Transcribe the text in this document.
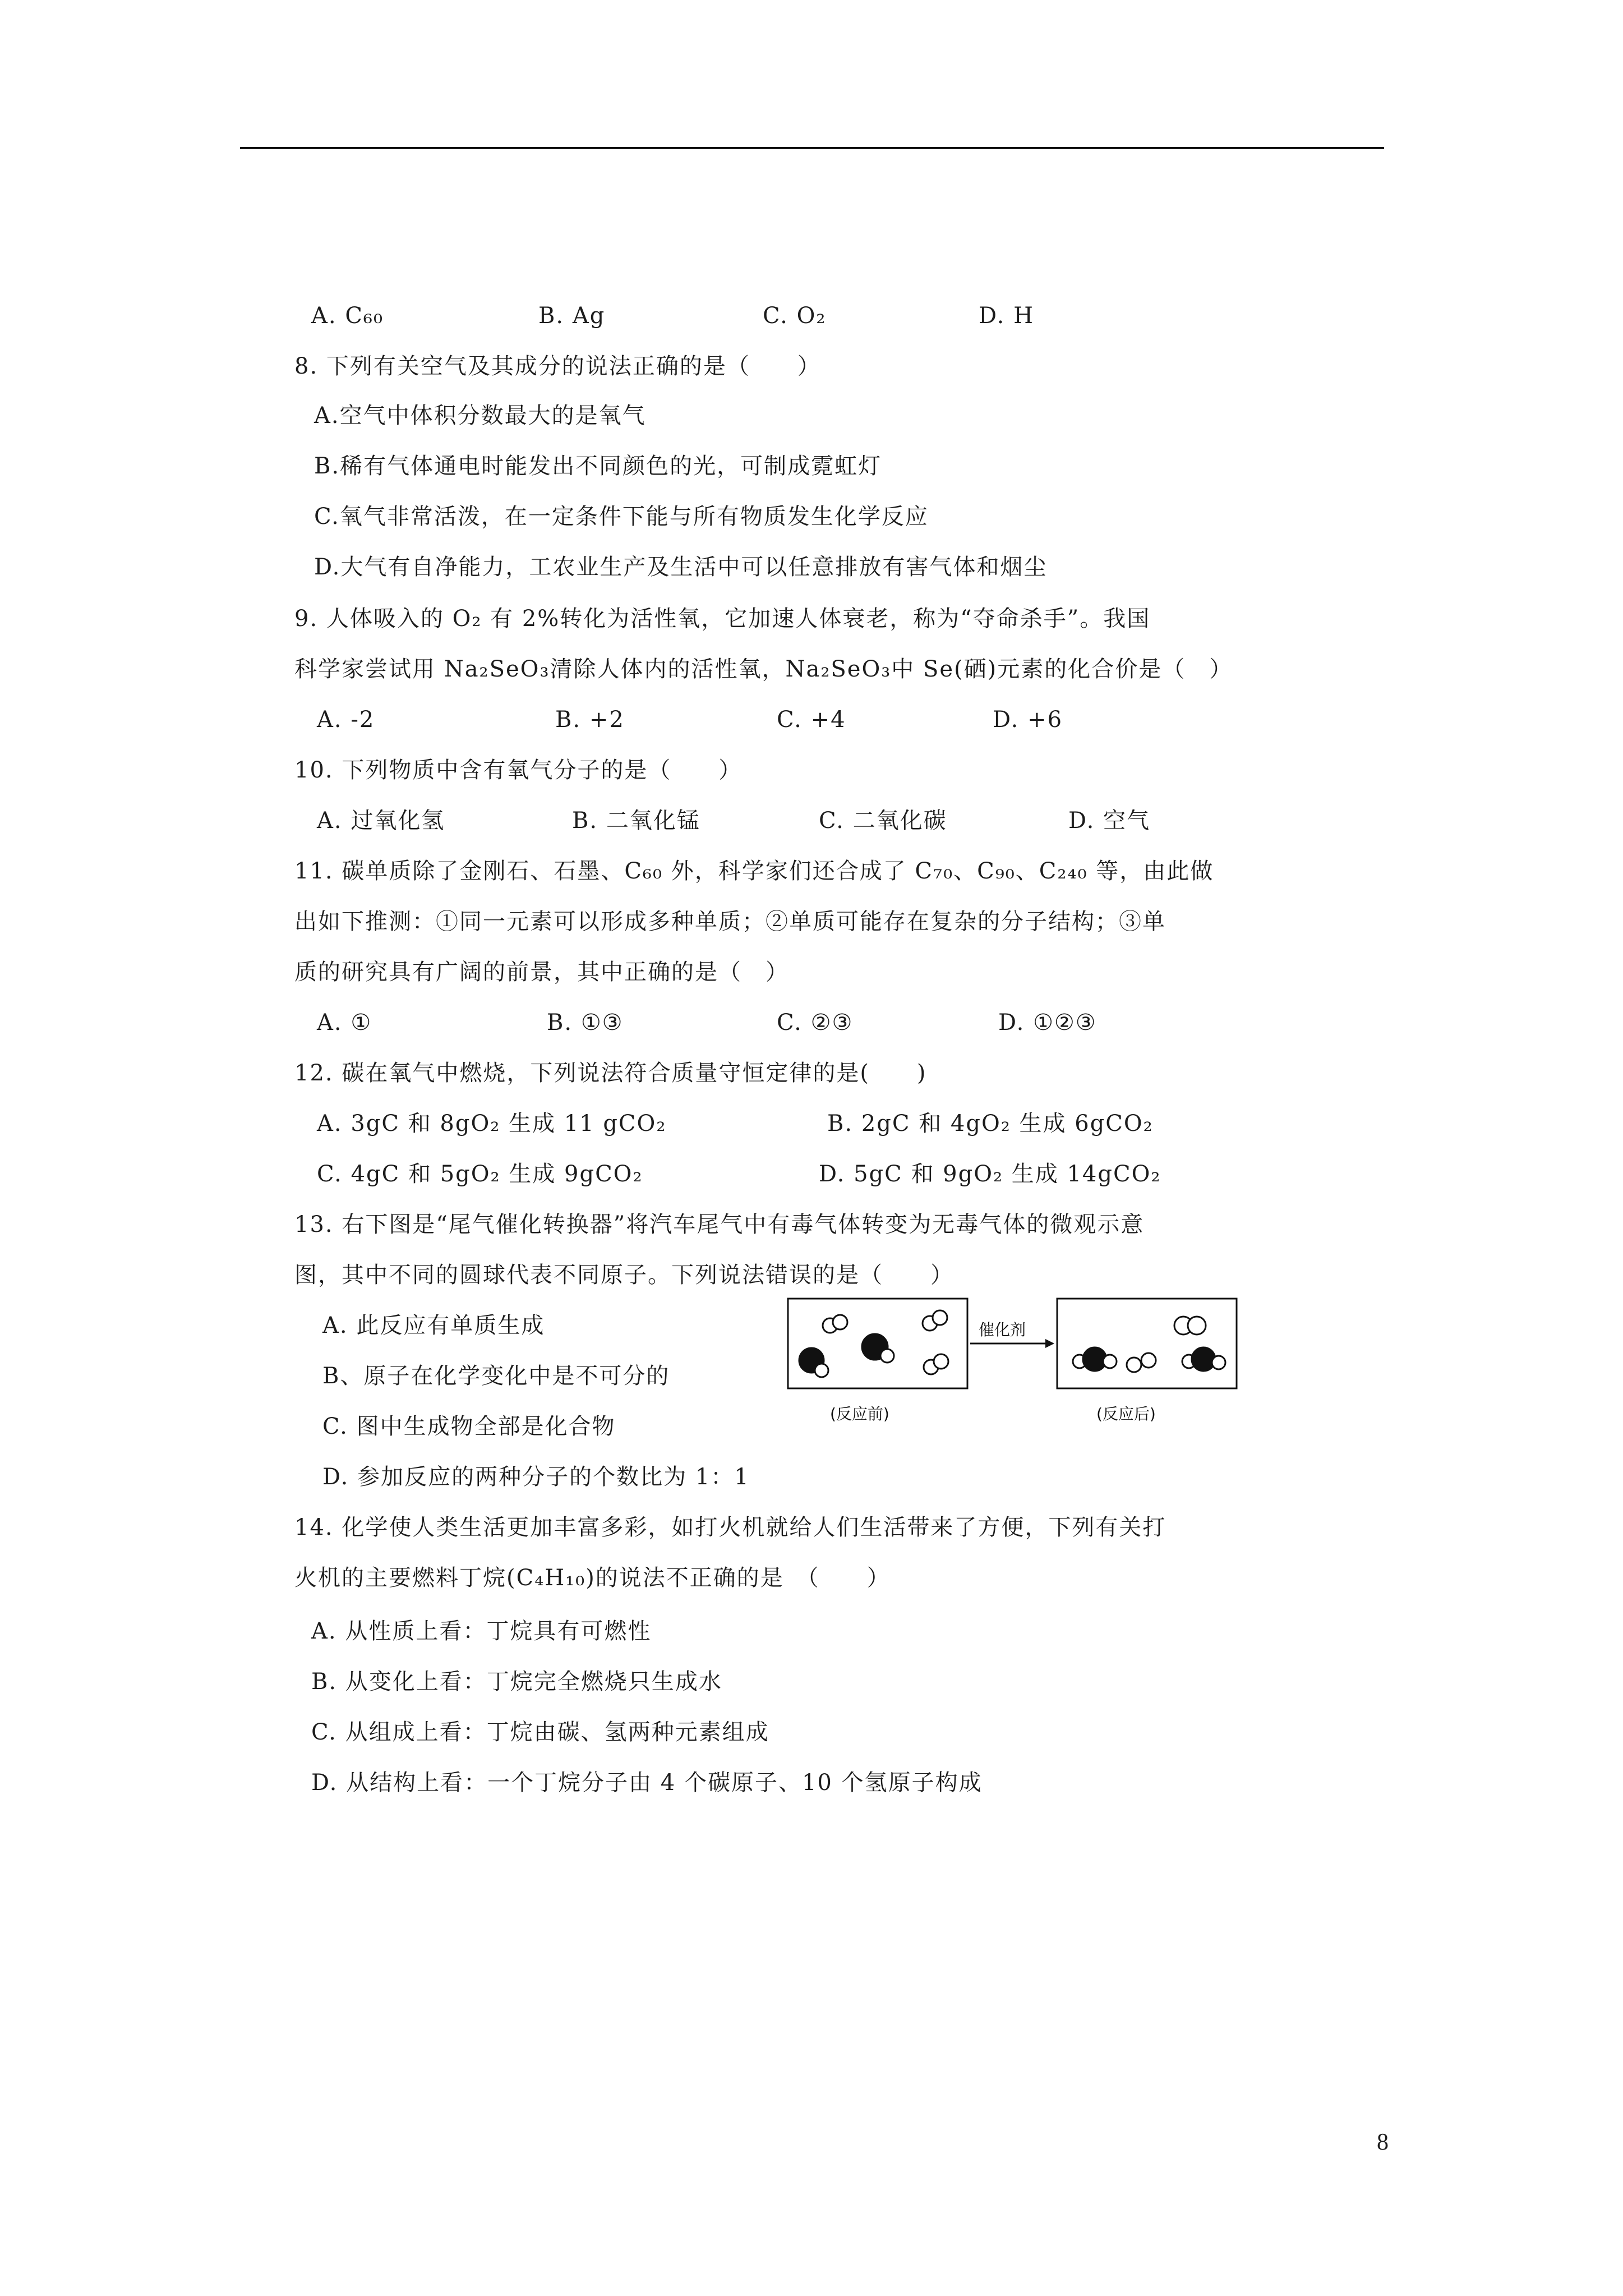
A. C₆₀	B. Ag	C. O₂	D. H
8. 下列有关空气及其成分的说法正确的是（　　）
A.空气中体积分数最大的是氧气
B.稀有气体通电时能发出不同颜色的光，可制成霓虹灯
C.氧气非常活泼，在一定条件下能与所有物质发生化学反应
D.大气有自净能力，工农业生产及生活中可以任意排放有害气体和烟尘
9. 人体吸入的 O₂ 有 2%转化为活性氧，它加速人体衰老，称为“夺命杀手”。我国
科学家尝试用 Na₂SeO₃清除人体内的活性氧，Na₂SeO₃中 Se(硒)元素的化合价是（　）
A. -2	B. +2	C. +4	D. +6
10. 下列物质中含有氧气分子的是（　　）
A. 过氧化氢	B. 二氧化锰	C. 二氧化碳	D. 空气
11. 碳单质除了金刚石、石墨、C₆₀ 外，科学家们还合成了 C₇₀、C₉₀、C₂₄₀ 等，由此做
出如下推测：①同一元素可以形成多种单质；②单质可能存在复杂的分子结构；③单
质的研究具有广阔的前景，其中正确的是（　）
A. ①	B. ①③	C. ②③	D. ①②③
12. 碳在氧气中燃烧，下列说法符合质量守恒定律的是(　　)
A. 3gC 和 8gO₂ 生成 11 gCO₂	B. 2gC 和 4gO₂ 生成 6gCO₂
C. 4gC 和 5gO₂ 生成 9gCO₂	D. 5gC 和 9gO₂ 生成 14gCO₂
13. 右下图是“尾气催化转换器”将汽车尾气中有毒气体转变为无毒气体的微观示意
图，其中不同的圆球代表不同原子。下列说法错误的是（　　）
A. 此反应有单质生成
B、原子在化学变化中是不可分的
C. 图中生成物全部是化合物
D. 参加反应的两种分子的个数比为 1：1
催化剂
(反应前)	(反应后)
14. 化学使人类生活更加丰富多彩，如打火机就给人们生活带来了方便，下列有关打
火机的主要燃料丁烷(C₄H₁₀)的说法不正确的是　（　　）
A. 从性质上看：丁烷具有可燃性
B. 从变化上看：丁烷完全燃烧只生成水
C. 从组成上看：丁烷由碳、氢两种元素组成
D. 从结构上看：一个丁烷分子由 4 个碳原子、10 个氢原子构成
8
